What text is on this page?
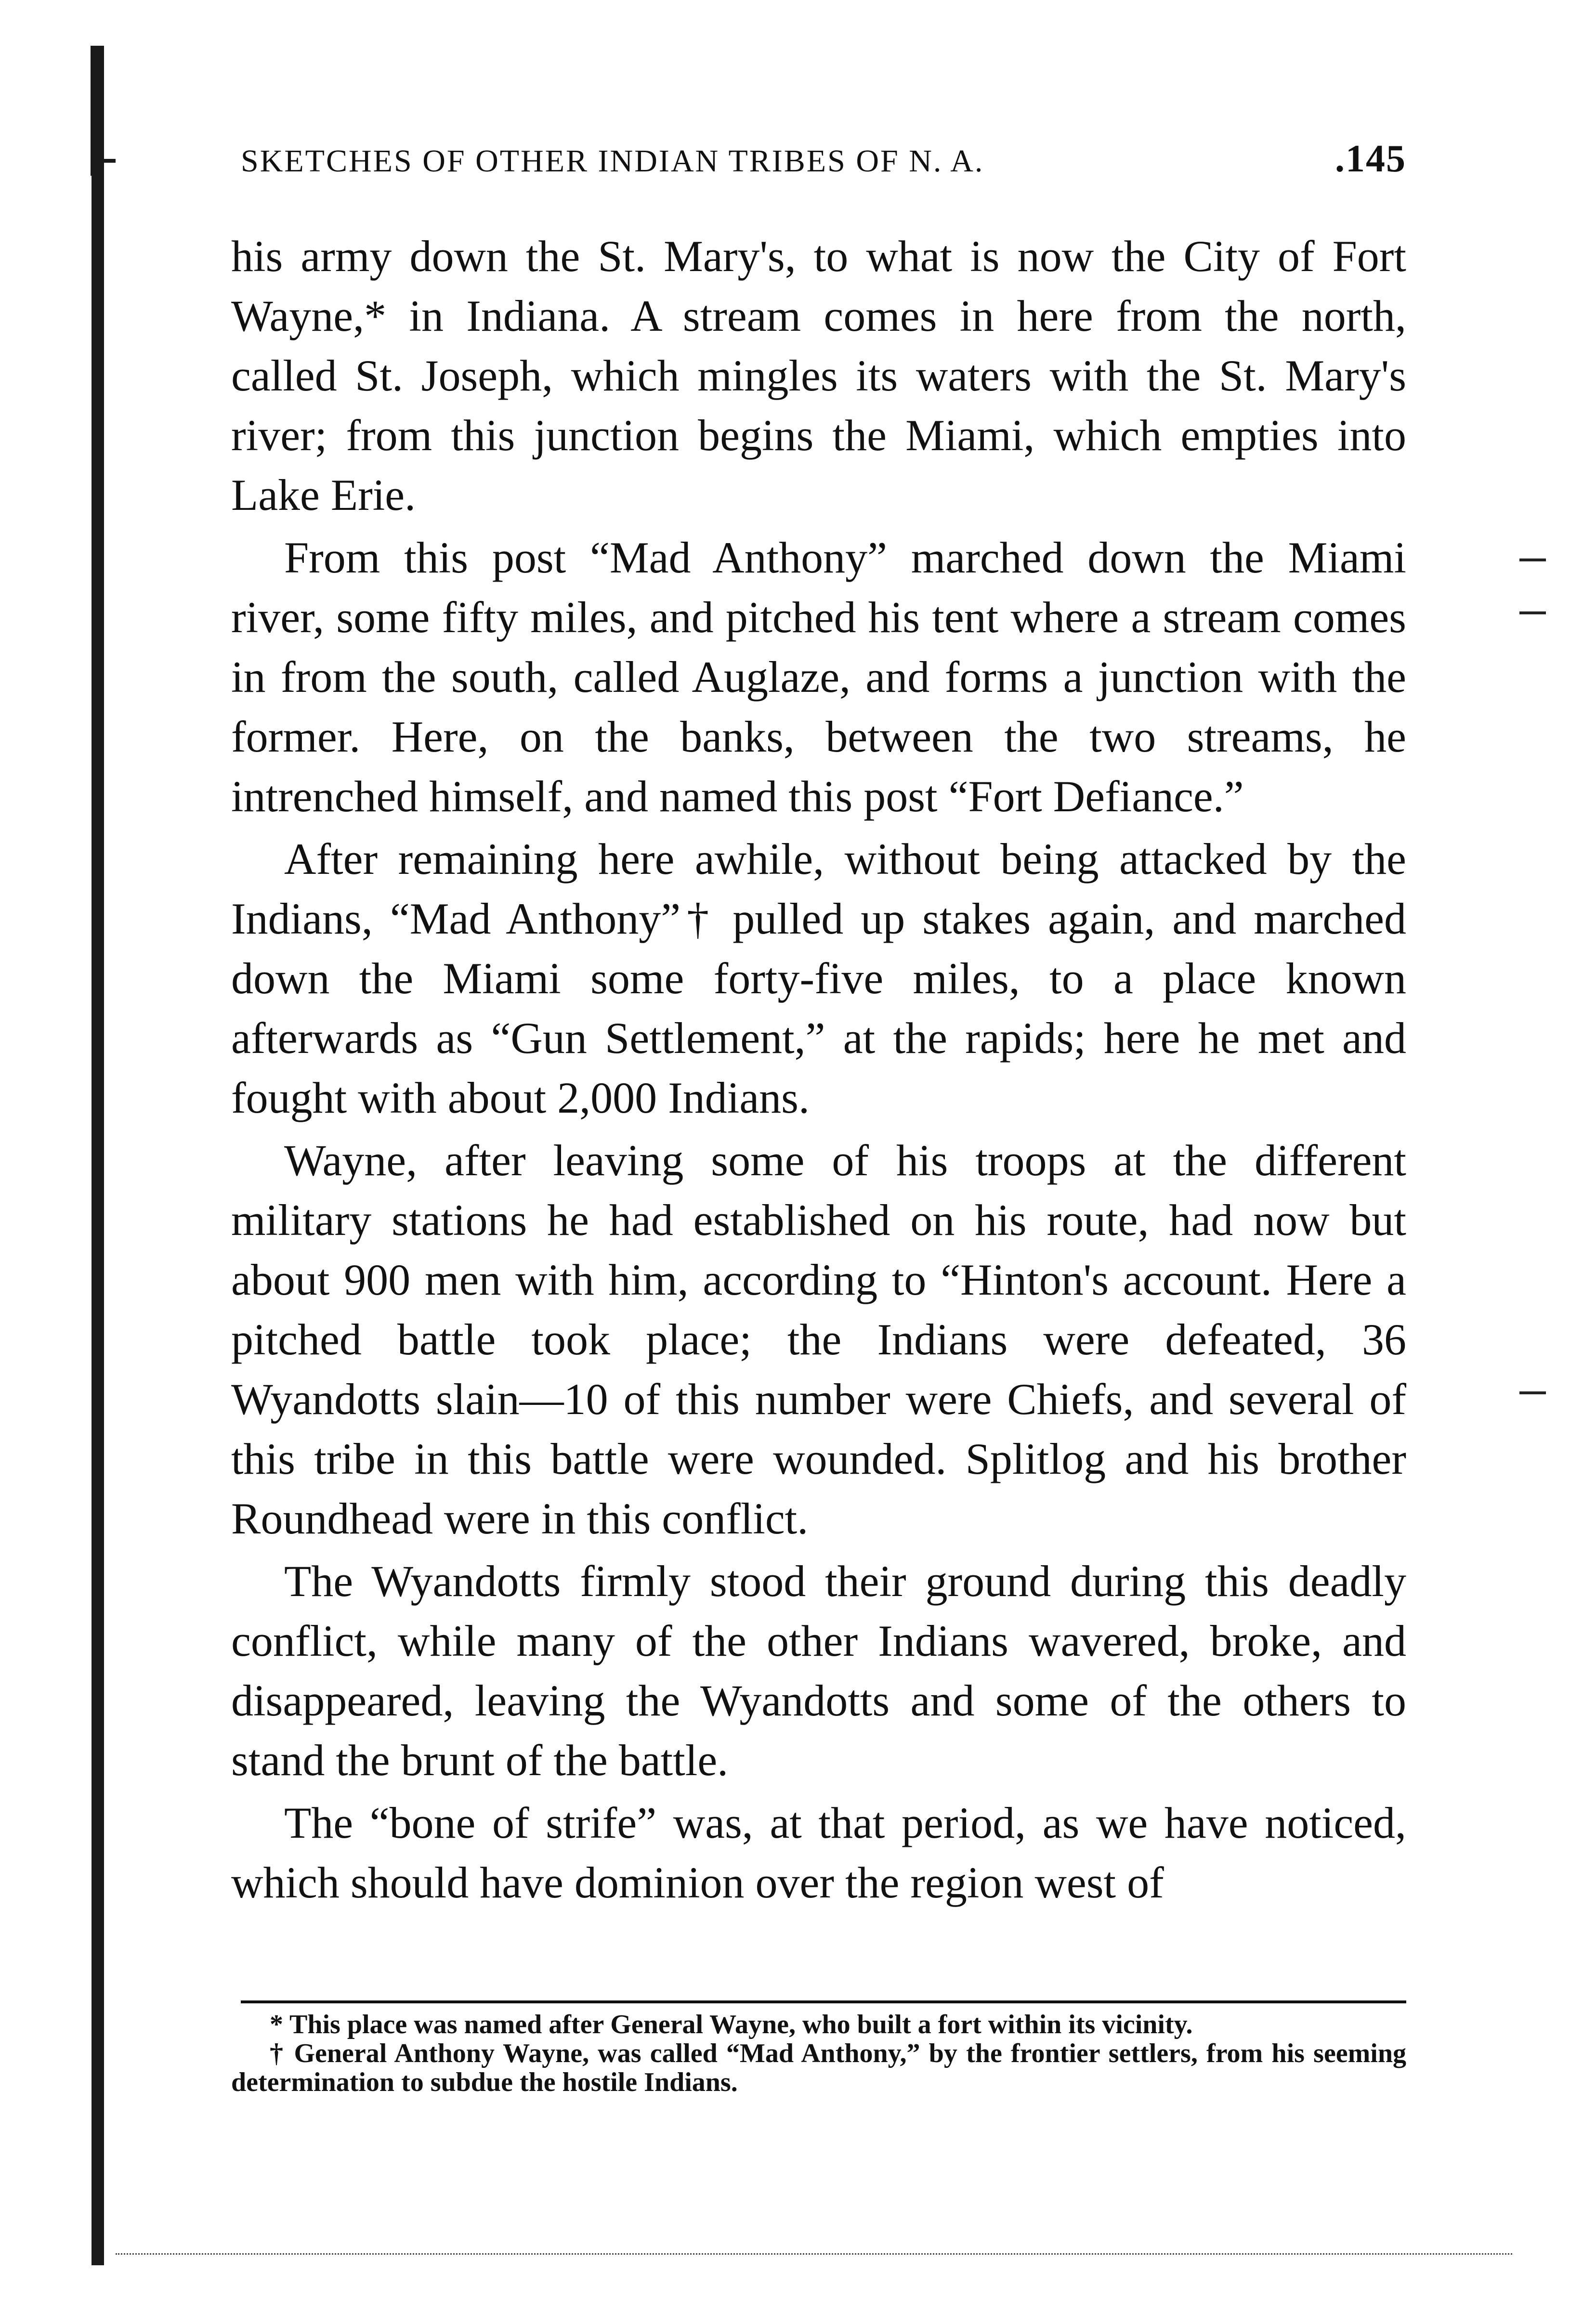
SKETCHES OF OTHER INDIAN TRIBES OF N. A.	.145

his army down the St. Mary's, to what is now the City of Fort Wayne,* in Indiana. A stream comes in here from the north, called St. Joseph, which mingles its waters with the St. Mary's river; from this junction begins the Miami, which empties into Lake Erie.

From this post “Mad Anthony” marched down the Miami river, some fifty miles, and pitched his tent where a stream comes in from the south, called Auglaze, and forms a junction with the former. Here, on the banks, between the two streams, he intrenched himself, and named this post “Fort Defiance.”

After remaining here awhile, without being attacked by the Indians, “Mad Anthony”† pulled up stakes again, and marched down the Miami some forty-five miles, to a place known afterwards as “Gun Settlement,” at the rapids; here he met and fought with about 2,000 Indians.

Wayne, after leaving some of his troops at the different military stations he had established on his route, had now but about 900 men with him, according to “Hinton's account. Here a pitched battle took place; the Indians were defeated, 36 Wyandotts slain—10 of this number were Chiefs, and several of this tribe in this battle were wounded. Splitlog and his brother Roundhead were in this conflict.

The Wyandotts firmly stood their ground during this deadly conflict, while many of the other Indians wavered, broke, and disappeared, leaving the Wyandotts and some of the others to stand the brunt of the battle.

The “bone of strife” was, at that period, as we have noticed, which should have dominion over the region west of

* This place was named after General Wayne, who built a fort within its vicinity.

† General Anthony Wayne, was called “Mad Anthony,” by the frontier settlers, from his seeming determination to subdue the hostile Indians.
